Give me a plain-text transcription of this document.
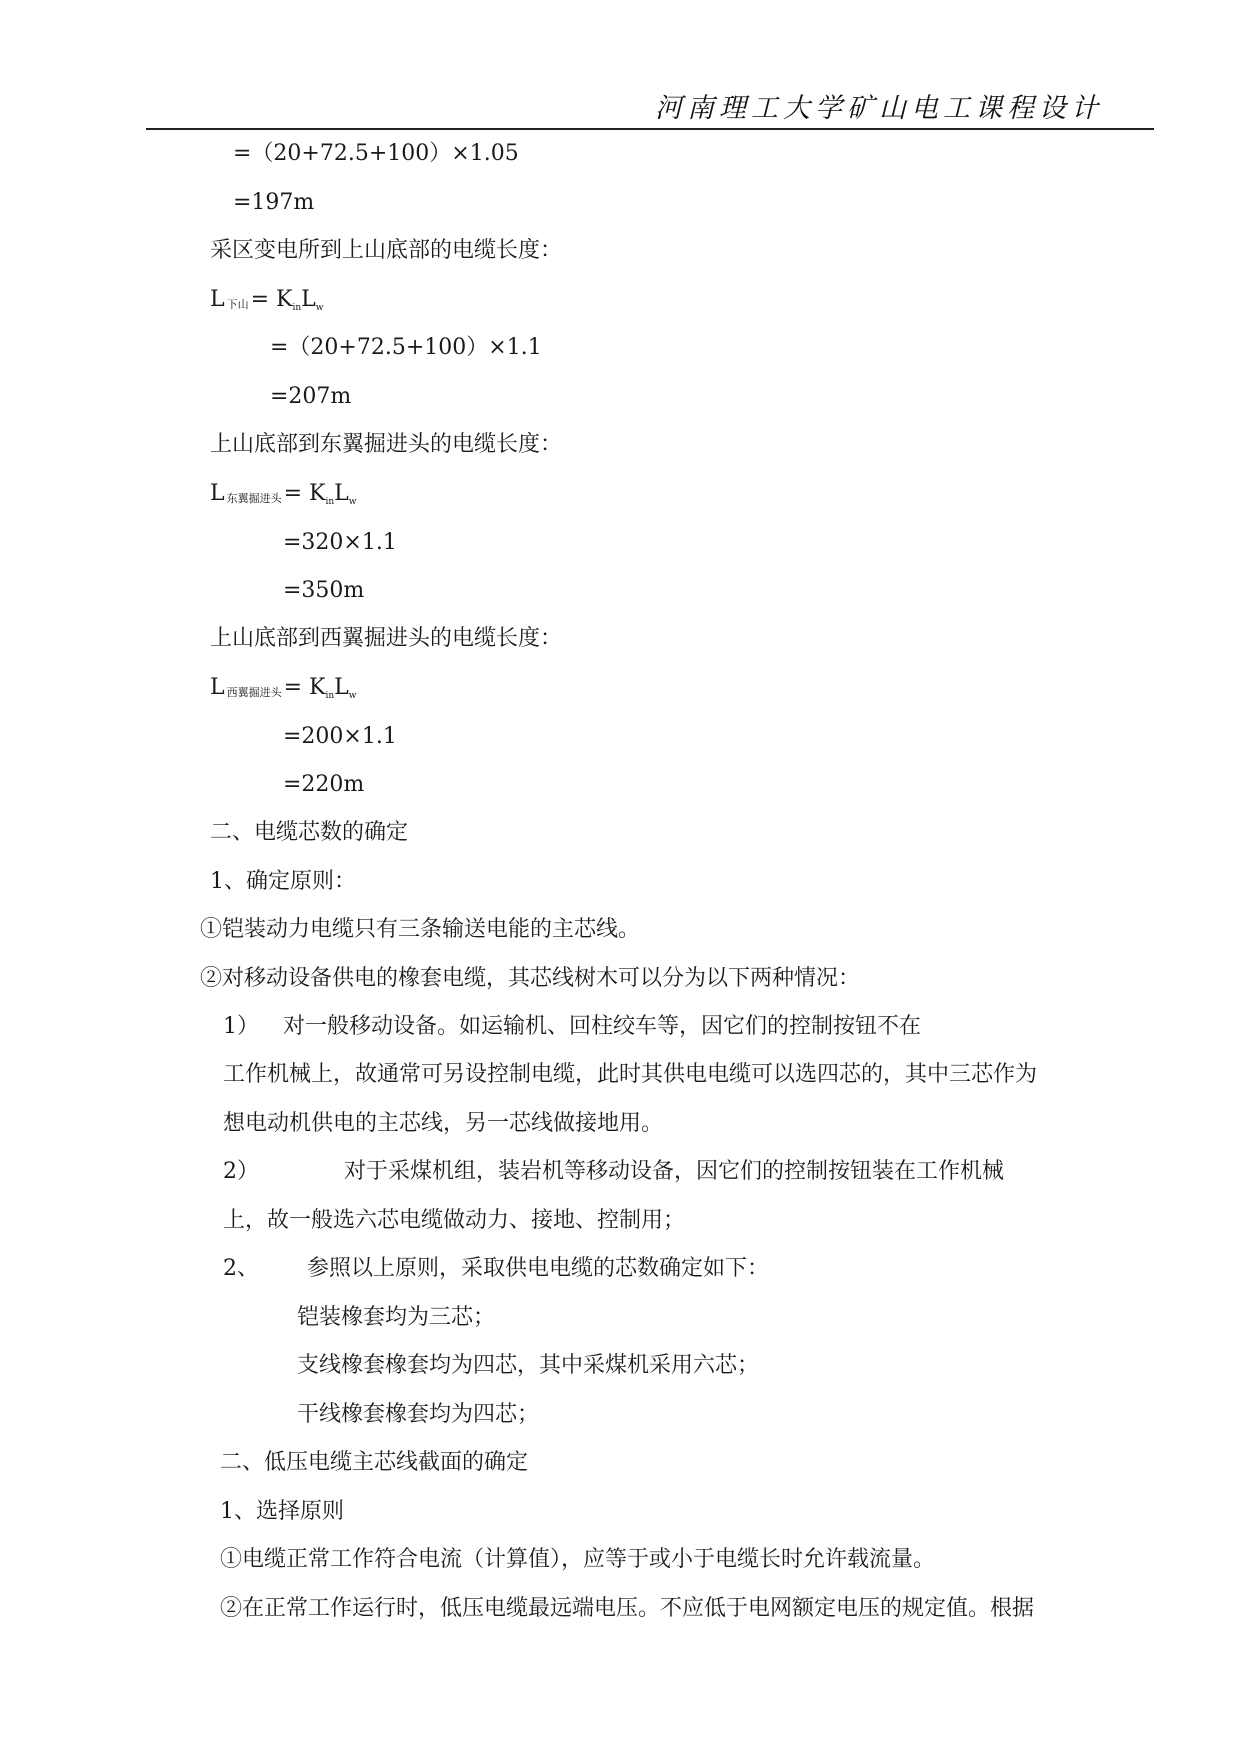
河南理工大学矿山电工课程设计
=（20+72.5+100）×1.05
=197m
采区变电所到上山底部的电缆长度：
L下山= KinLw
=（20+72.5+100）×1.1
=207m
上山底部到东翼掘进头的电缆长度：
L东翼掘进头= KinLw
=320×1.1
=350m
上山底部到西翼掘进头的电缆长度：
L西翼掘进头= KinLw
=200×1.1
=220m
二、电缆芯数的确定
1、确定原则：
①铠装动力电缆只有三条输送电能的主芯线。
②对移动设备供电的橡套电缆，其芯线树木可以分为以下两种情况：
1） 对一般移动设备。如运输机、回柱绞车等，因它们的控制按钮不在
工作机械上，故通常可另设控制电缆，此时其供电电缆可以选四芯的，其中三芯作为
想电动机供电的主芯线，另一芯线做接地用。
2）	对于采煤机组，装岩机等移动设备，因它们的控制按钮装在工作机械
上，故一般选六芯电缆做动力、接地、控制用；
2、 参照以上原则，采取供电电缆的芯数确定如下：
铠装橡套均为三芯；
支线橡套橡套均为四芯，其中采煤机采用六芯；
干线橡套橡套均为四芯；
二、低压电缆主芯线截面的确定
1、选择原则
①电缆正常工作符合电流（计算值），应等于或小于电缆长时允许载流量。
②在正常工作运行时，低压电缆最远端电压。不应低于电网额定电压的规定值。根据
